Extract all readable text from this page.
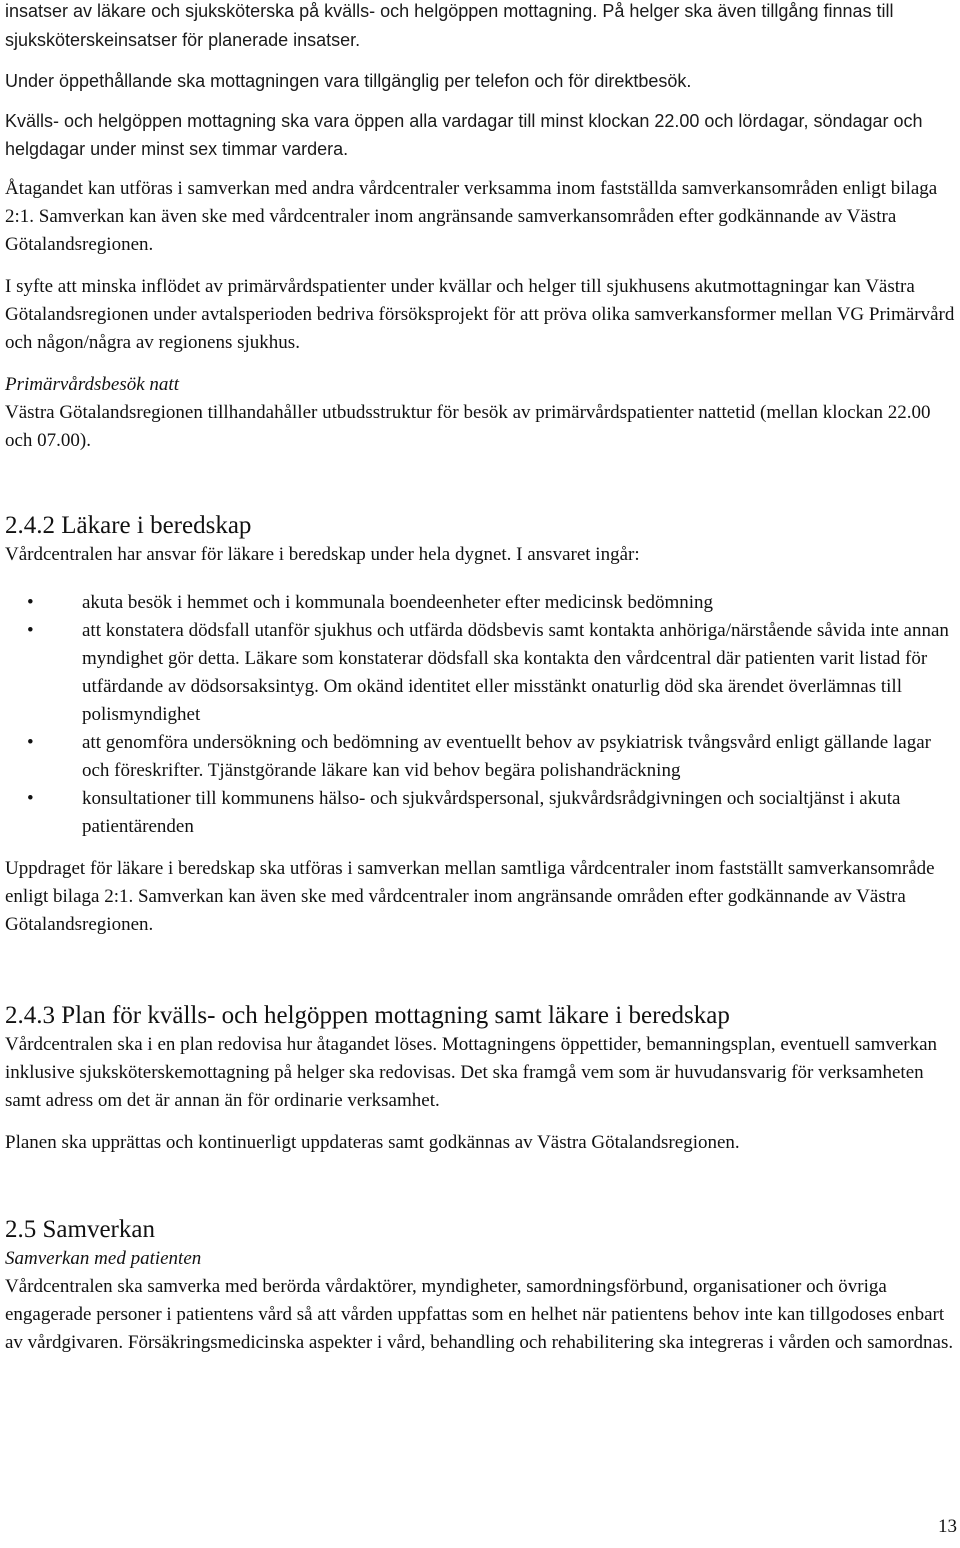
insatser av läkare och sjuksköterska på kvälls- och helgöppen mottagning. På helger ska även tillgång finnas till sjuksköterskeinsatser för planerade insatser.

Under öppethållande ska mottagningen vara tillgänglig per telefon och för direktbesök.

Kvälls- och helgöppen mottagning ska vara öppen alla vardagar till minst klockan 22.00 och lördagar, söndagar och helgdagar under minst sex timmar vardera.

Åtagandet kan utföras i samverkan med andra vårdcentraler verksamma inom fastställda samverkansområden enligt bilaga 2:1. Samverkan kan även ske med vårdcentraler inom angränsande samverkansområden efter godkännande av Västra Götalandsregionen.

I syfte att minska inflödet av primärvårdspatienter under kvällar och helger till sjukhusens akutmottagningar kan Västra Götalandsregionen under avtalsperioden bedriva försöksprojekt för att pröva olika samverkansformer mellan VG Primärvård och någon/några av regionens sjukhus.

Primärvårdsbesök natt
Västra Götalandsregionen tillhandahåller utbudsstruktur för besök av primärvårdspatienter nattetid (mellan klockan 22.00 och 07.00).

2.4.2 Läkare i beredskap

Vårdcentralen har ansvar för läkare i beredskap under hela dygnet. I ansvaret ingår:

•	akuta besök i hemmet och i kommunala boendeenheter efter medicinsk bedömning
•	att konstatera dödsfall utanför sjukhus och utfärda dödsbevis samt kontakta anhöriga/närstående såvida inte annan myndighet gör detta. Läkare som konstaterar dödsfall ska kontakta den vårdcentral där patienten varit listad för utfärdande av dödsorsaksintyg. Om okänd identitet eller misstänkt onaturlig död ska ärendet överlämnas till polismyndighet
•	att genomföra undersökning och bedömning av eventuellt behov av psykiatrisk tvångsvård enligt gällande lagar och föreskrifter. Tjänstgörande läkare kan vid behov begära polishandräckning
•	konsultationer till kommunens hälso- och sjukvårdspersonal, sjukvårdsrådgivningen och socialtjänst i akuta patientärenden

Uppdraget för läkare i beredskap ska utföras i samverkan mellan samtliga vårdcentraler inom fastställt samverkansområde enligt bilaga 2:1. Samverkan kan även ske med vårdcentraler inom angränsande områden efter godkännande av Västra Götalandsregionen.

2.4.3 Plan för kvälls- och helgöppen mottagning samt läkare i beredskap

Vårdcentralen ska i en plan redovisa hur åtagandet löses. Mottagningens öppettider, bemanningsplan, eventuell samverkan inklusive sjuksköterskemottagning på helger ska redovisas. Det ska framgå vem som är huvudansvarig för verksamheten samt adress om det är annan än för ordinarie verksamhet.

Planen ska upprättas och kontinuerligt uppdateras samt godkännas av Västra Götalandsregionen.

2.5 Samverkan
Samverkan med patienten

Vårdcentralen ska samverka med berörda vårdaktörer, myndigheter, samordningsförbund, organisationer och övriga engagerade personer i patientens vård så att vården uppfattas som en helhet när patientens behov inte kan tillgodoses enbart av vårdgivaren. Försäkringsmedicinska aspekter i vård, behandling och rehabilitering ska integreras i vården och samordnas.

13
